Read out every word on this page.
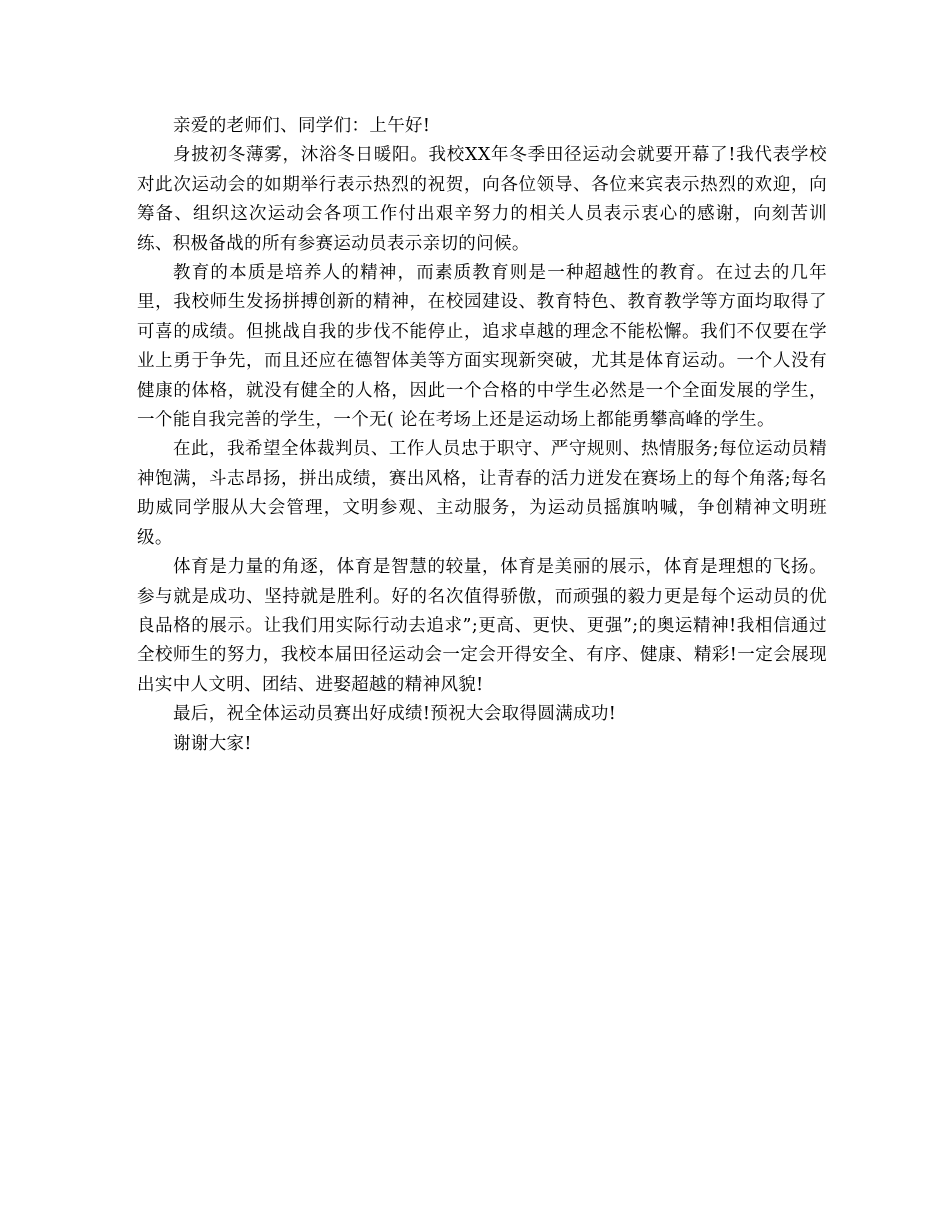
亲爱的老师们、同学们：上午好!

身披初冬薄雾，沐浴冬日暖阳。我校XX年冬季田径运动会就要开幕了!我代表学校对此次运动会的如期举行表示热烈的祝贺，向各位领导、各位来宾表示热烈的欢迎，向筹备、组织这次运动会各项工作付出艰辛努力的相关人员表示衷心的感谢，向刻苦训练、积极备战的所有参赛运动员表示亲切的问候。

教育的本质是培养人的精神，而素质教育则是一种超越性的教育。在过去的几年里，我校师生发扬拼搏创新的精神，在校园建设、教育特色、教育教学等方面均取得了可喜的成绩。但挑战自我的步伐不能停止，追求卓越的理念不能松懈。我们不仅要在学业上勇于争先，而且还应在德智体美等方面实现新突破，尤其是体育运动。一个人没有健康的体格，就没有健全的人格，因此一个合格的中学生必然是一个全面发展的学生，一个能自我完善的学生，一个无( 论在考场上还是运动场上都能勇攀高峰的学生。

在此，我希望全体裁判员、工作人员忠于职守、严守规则、热情服务;每位运动员精神饱满，斗志昂扬，拼出成绩，赛出风格，让青春的活力迸发在赛场上的每个角落;每名助威同学服从大会管理，文明参观、主动服务，为运动员摇旗呐喊，争创精神文明班级。

体育是力量的角逐，体育是智慧的较量，体育是美丽的展示，体育是理想的飞扬。参与就是成功、坚持就是胜利。好的名次值得骄傲，而顽强的毅力更是每个运动员的优良品格的展示。让我们用实际行动去追求”;更高、更快、更强”;的奥运精神!我相信通过全校师生的努力，我校本届田径运动会一定会开得安全、有序、健康、精彩!一定会展现出实中人文明、团结、进娶超越的精神风貌!

最后，祝全体运动员赛出好成绩!预祝大会取得圆满成功!

谢谢大家!
